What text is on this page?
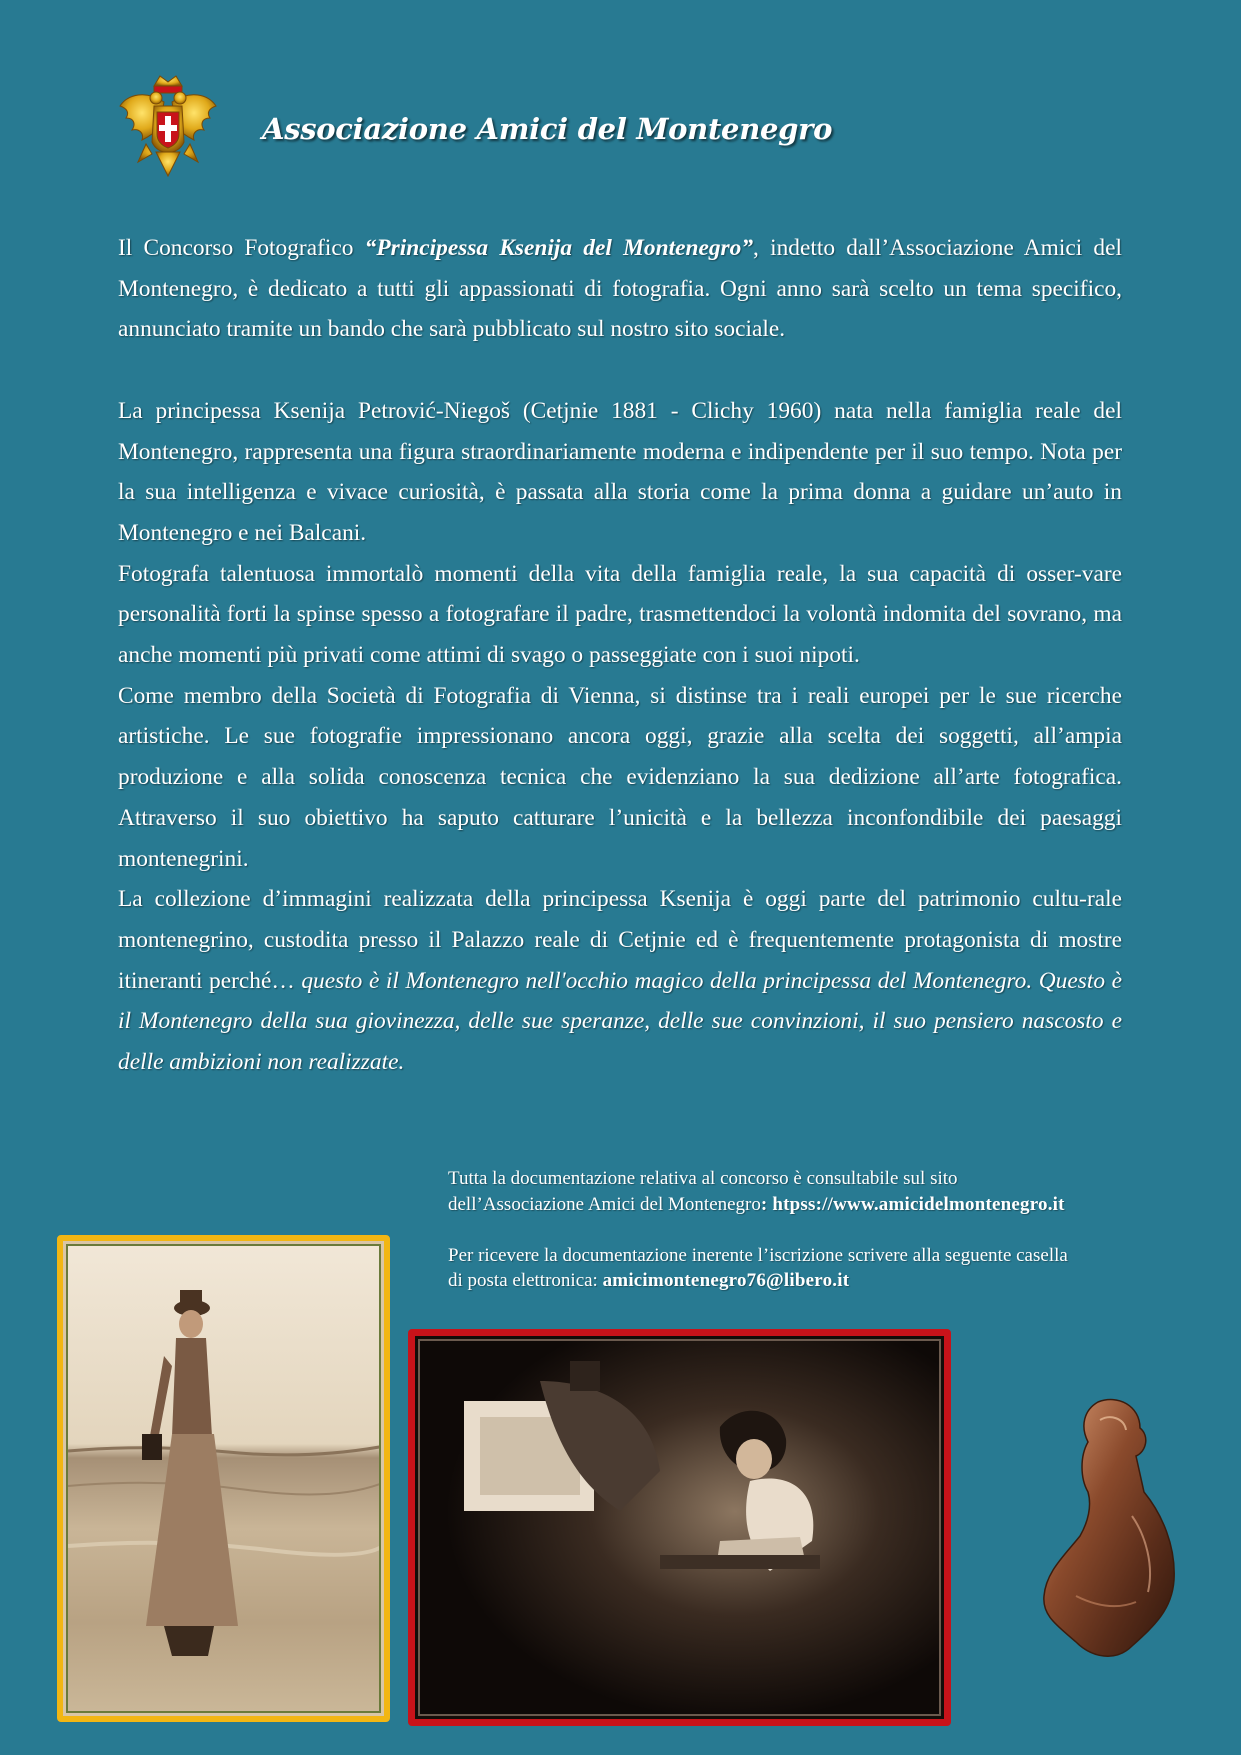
Associazione Amici del Montenegro

Il Concorso Fotografico “Principessa Ksenija del Montenegro”, indetto dall’Associazione Amici del Montenegro, è dedicato a tutti gli appassionati di fotografia. Ogni anno sarà scelto un tema specifico, annunciato tramite un bando che sarà pubblicato sul nostro sito sociale.

La principessa Ksenija Petrović-Niegoš (Cetjnie 1881 - Clichy 1960) nata nella famiglia reale del Montenegro, rappresenta una figura straordinariamente moderna e indipendente per il suo tempo. Nota per la sua intelligenza e vivace curiosità, è passata alla storia come la prima donna a guidare un’auto in Montenegro e nei Balcani.

Fotografa talentuosa immortalò momenti della vita della famiglia reale, la sua capacità di osser-vare personalità forti la spinse spesso a fotografare il padre, trasmettendoci la volontà indomita del sovrano, ma anche momenti più privati come attimi di svago o passeggiate con i suoi nipoti.

Come membro della Società di Fotografia di Vienna, si distinse tra i reali europei per le sue ricerche artistiche. Le sue fotografie impressionano ancora oggi, grazie alla scelta dei soggetti, all’ampia produzione e alla solida conoscenza tecnica che evidenziano la sua dedizione all’arte fotografica. Attraverso il suo obiettivo ha saputo catturare l’unicità e la bellezza inconfondibile dei paesaggi montenegrini.

La collezione d’immagini realizzata della principessa Ksenija è oggi parte del patrimonio cultu-rale montenegrino, custodita presso il Palazzo reale di Cetjnie ed è frequentemente protagonista di mostre itineranti perché… questo è il Montenegro nell'occhio magico della principessa del Montenegro. Questo è il Montenegro della sua giovinezza, delle sue speranze, delle sue convinzioni, il suo pensiero nascosto e delle ambizioni non realizzate.

Tutta la documentazione relativa al concorso è consultabile sul sito
dell’Associazione Amici del Montenegro: htpss://www.amicidelmontenegro.it

Per ricevere la documentazione inerente l’iscrizione scrivere alla seguente casella
di posta elettronica: amicimontenegro76@libero.it
